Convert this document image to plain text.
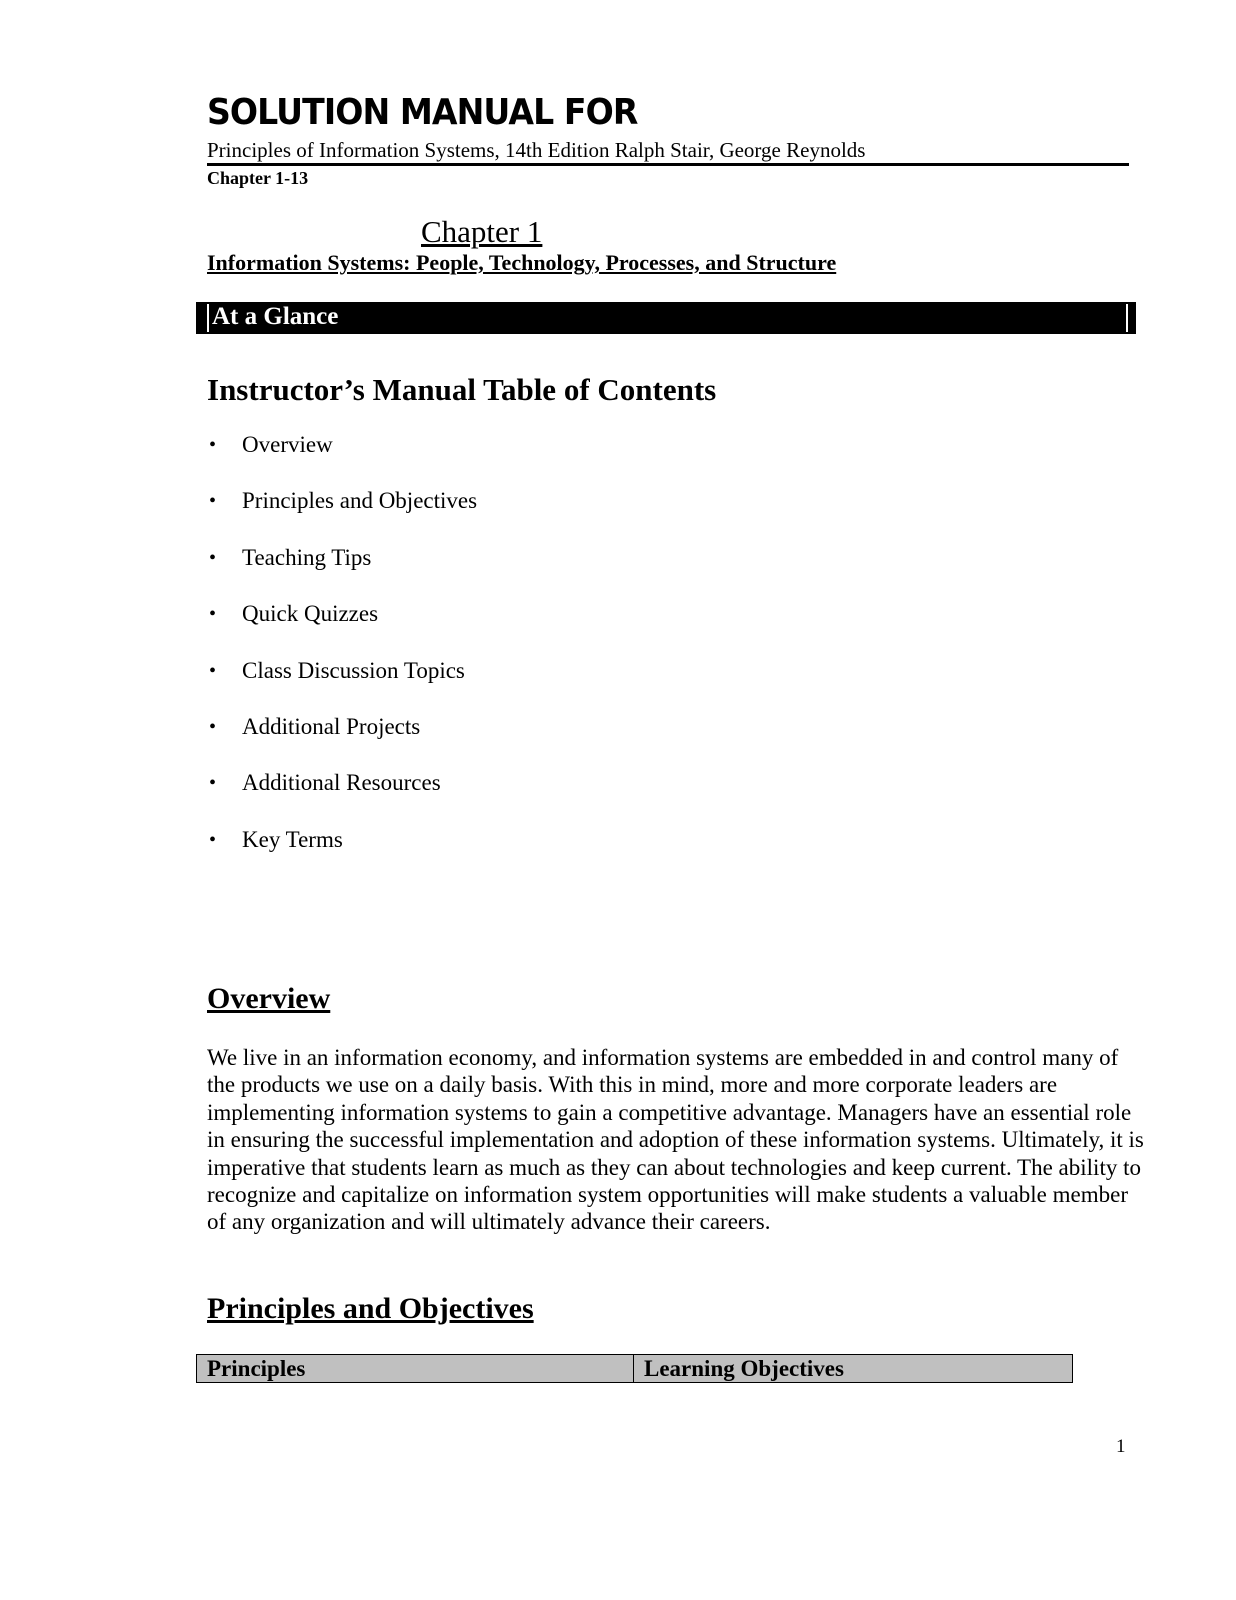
SOLUTION MANUAL FOR
Principles of Information Systems, 14th Edition Ralph Stair, George Reynolds
Chapter 1-13
Chapter 1
Information Systems: People, Technology, Processes, and Structure
At a Glance
Instructor’s Manual Table of Contents
• Overview
• Principles and Objectives
• Teaching Tips
• Quick Quizzes
• Class Discussion Topics
• Additional Projects
• Additional Resources
• Key Terms
Overview

We live in an information economy, and information systems are embedded in and control many of the products we use on a daily basis. With this in mind, more and more corporate leaders are implementing information systems to gain a competitive advantage. Managers have an essential role in ensuring the successful implementation and adoption of these information systems. Ultimately, it is imperative that students learn as much as they can about technologies and keep current. The ability to recognize and capitalize on information system opportunities will make students a valuable member of any organization and will ultimately advance their careers.

Principles and Objectives
Principles	Learning Objectives
1
